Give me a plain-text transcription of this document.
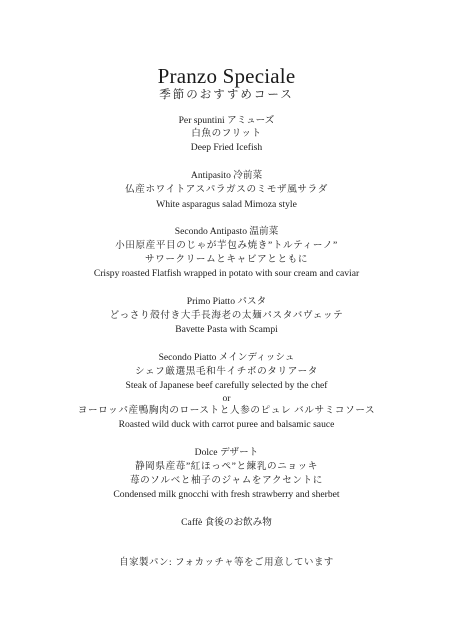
Pranzo Speciale
季節のおすすめコース
Per spuntini アミューズ
白魚のフリット
Deep Fried Icefish
Antipasito 冷前菜
仏産ホワイトアスパラガスのミモザ風サラダ
White asparagus salad Mimoza style
Secondo Antipasto 温前菜
小田原産平目のじゃが芋包み焼き”トルティーノ”
サワークリームとキャビアとともに
Crispy roasted Flatfish wrapped in potato with sour cream and caviar
Primo Piatto パスタ
どっさり殻付き大手長海老の太麺パスタバヴェッテ
Bavette Pasta with Scampi
Secondo Piatto メインディッシュ
シェフ厳選黒毛和牛イチボのタリアータ
Steak of Japanese beef carefully selected by the chef
or
ヨーロッパ産鴨胸肉のローストと人参のピュレ バルサミコソース
Roasted wild duck with carrot puree and balsamic sauce
Dolce デザート
静岡県産苺”紅ほっぺ”と練乳のニョッキ
苺のソルベと柚子のジャムをアクセントに
Condensed milk gnocchi with fresh strawberry and sherbet
Caffè 食後のお飲み物
自家製パン: フォカッチャ等をご用意しています
